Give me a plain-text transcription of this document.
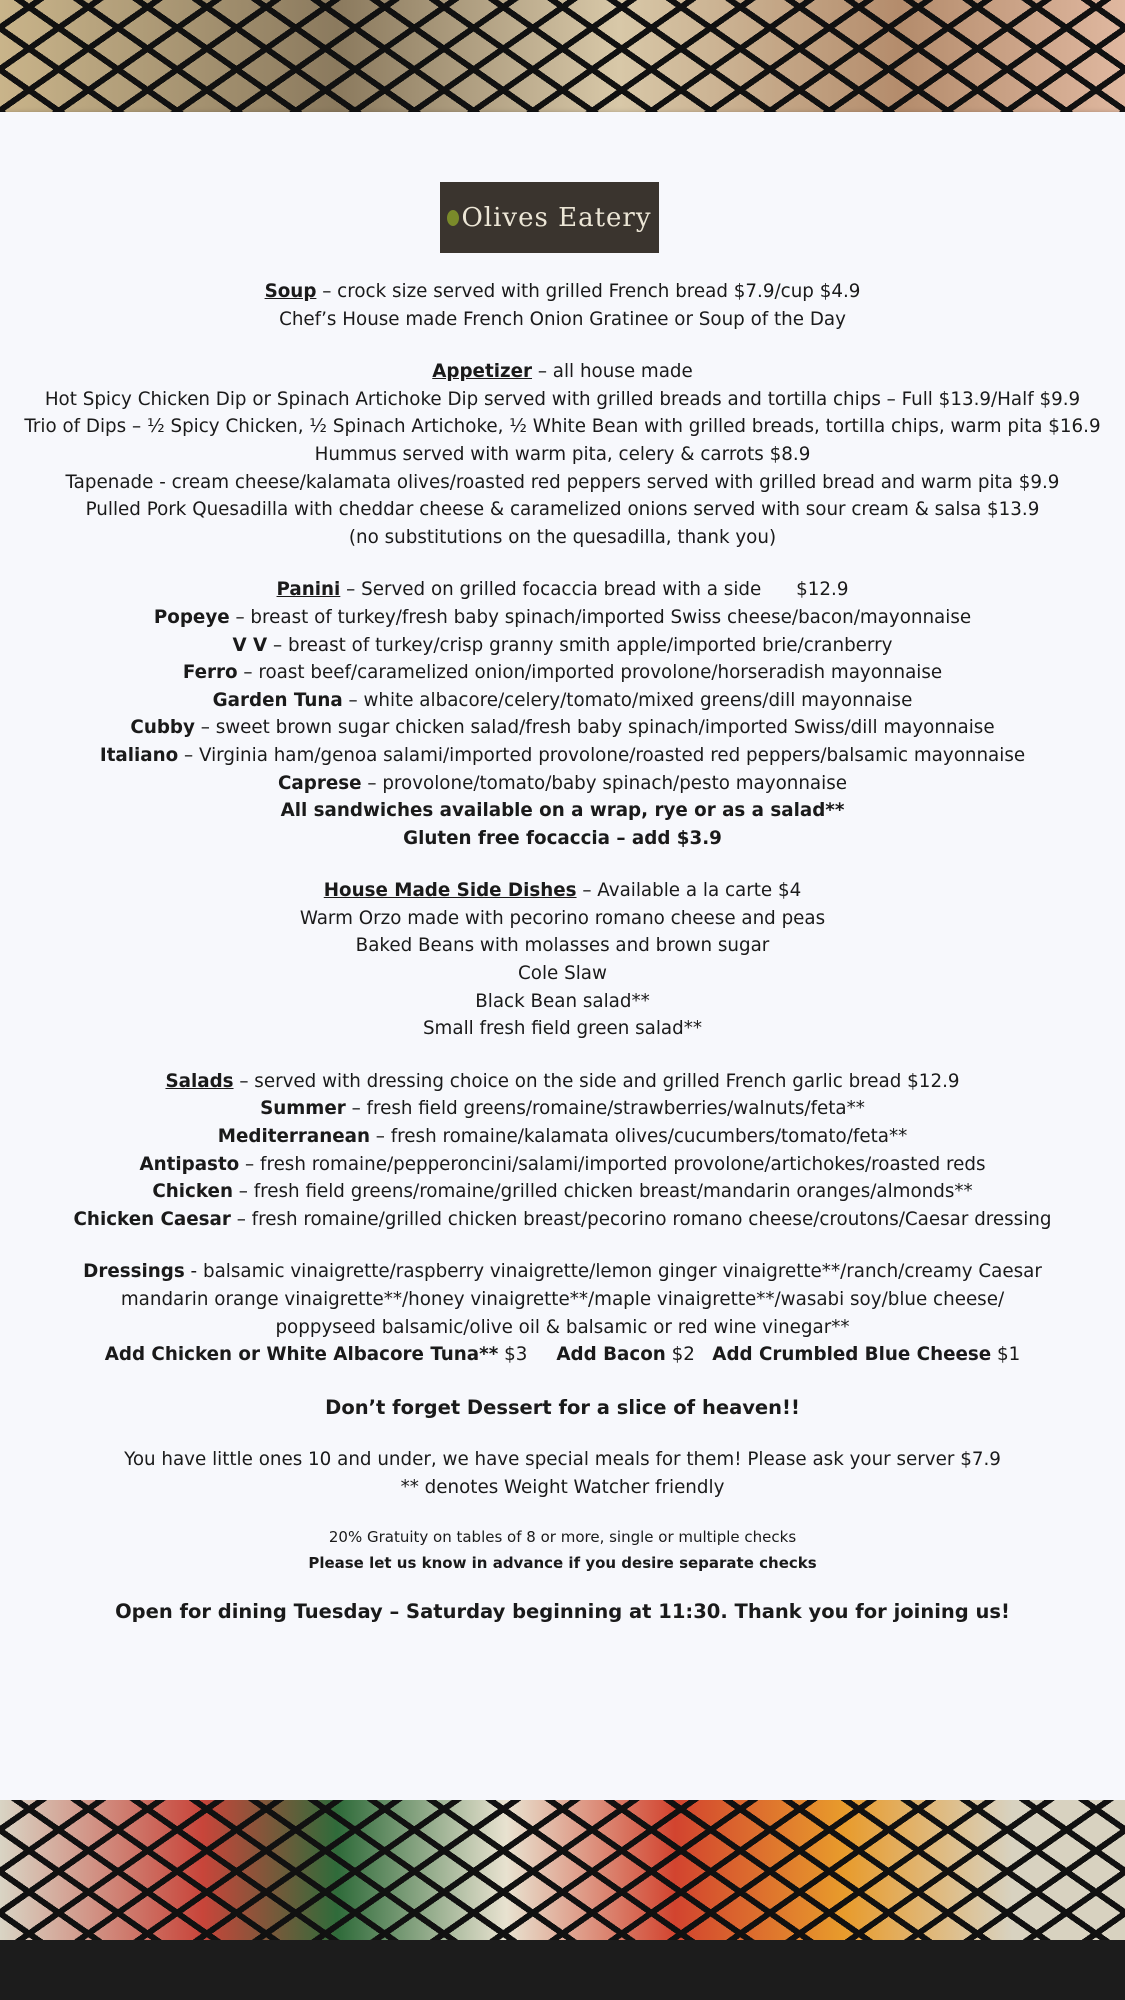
Olives Eatery
Soup – crock size served with grilled French bread $7.9/cup $4.9
Chef’s House made French Onion Gratinee or Soup of the Day
Appetizer – all house made
Hot Spicy Chicken Dip or Spinach Artichoke Dip served with grilled breads and tortilla chips – Full $13.9/Half $9.9
Trio of Dips – ½ Spicy Chicken, ½ Spinach Artichoke, ½ White Bean with grilled breads, tortilla chips, warm pita $16.9
Hummus served with warm pita, celery & carrots $8.9
Tapenade - cream cheese/kalamata olives/roasted red peppers served with grilled bread and warm pita $9.9
Pulled Pork Quesadilla with cheddar cheese & caramelized onions served with sour cream & salsa $13.9
(no substitutions on the quesadilla, thank you)
Panini – Served on grilled focaccia bread with a side      $12.9
Popeye – breast of turkey/fresh baby spinach/imported Swiss cheese/bacon/mayonnaise
V V – breast of turkey/crisp granny smith apple/imported brie/cranberry
Ferro – roast beef/caramelized onion/imported provolone/horseradish mayonnaise
Garden Tuna – white albacore/celery/tomato/mixed greens/dill mayonnaise
Cubby – sweet brown sugar chicken salad/fresh baby spinach/imported Swiss/dill mayonnaise
Italiano – Virginia ham/genoa salami/imported provolone/roasted red peppers/balsamic mayonnaise
Caprese – provolone/tomato/baby spinach/pesto mayonnaise
All sandwiches available on a wrap, rye or as a salad**
Gluten free focaccia – add $3.9
House Made Side Dishes – Available a la carte $4
Warm Orzo made with pecorino romano cheese and peas
Baked Beans with molasses and brown sugar
Cole Slaw
Black Bean salad**
Small fresh field green salad**
Salads – served with dressing choice on the side and grilled French garlic bread $12.9
Summer – fresh field greens/romaine/strawberries/walnuts/feta**
Mediterranean – fresh romaine/kalamata olives/cucumbers/tomato/feta**
Antipasto – fresh romaine/pepperoncini/salami/imported provolone/artichokes/roasted reds
Chicken – fresh field greens/romaine/grilled chicken breast/mandarin oranges/almonds**
Chicken Caesar – fresh romaine/grilled chicken breast/pecorino romano cheese/croutons/Caesar dressing
Dressings - balsamic vinaigrette/raspberry vinaigrette/lemon ginger vinaigrette**/ranch/creamy Caesar
mandarin orange vinaigrette**/honey vinaigrette**/maple vinaigrette**/wasabi soy/blue cheese/
poppyseed balsamic/olive oil & balsamic or red wine vinegar**
Add Chicken or White Albacore Tuna** $3 Add Bacon $2 Add Crumbled Blue Cheese $1
Don’t forget Dessert for a slice of heaven!!
You have little ones 10 and under, we have special meals for them! Please ask your server $7.9
** denotes Weight Watcher friendly
20% Gratuity on tables of 8 or more, single or multiple checks
Please let us know in advance if you desire separate checks
Open for dining Tuesday – Saturday beginning at 11:30. Thank you for joining us!
